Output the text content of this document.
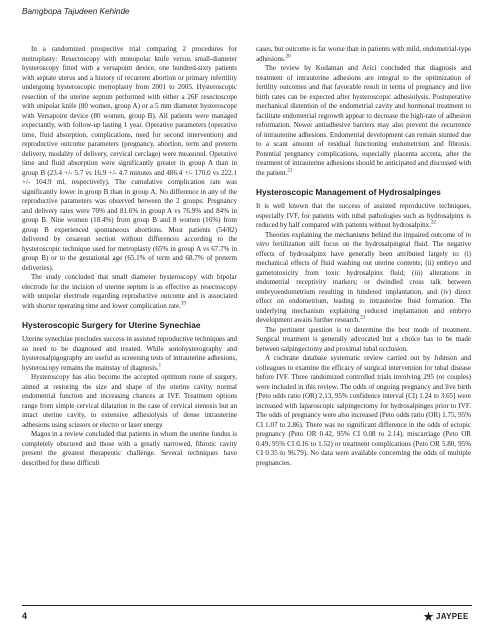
Bamgbopa Tajudeen Kehinde

In a randomized prospective trial comparing 2 procedures for metroplasty: Resectoscopy with monopolar knife versus small-diameter hysteroscopy fitted with a versapoint device, one hundred-sixty patients with septate uterus and a history of recurrent abortion or primary infertility undergoing hysteroscopic metroplasty from 2001 to 2005. Hysteroscopic resection of the uterine septum performed with either a 26F resectoscope with unipolar knife (80 women, group A) or a 5 mm diameter hysteroscope with Versapoint device (80 women, group B). All patients were managed expectantly, with follow-up lasting 1 year. Operative parameters (operative time, fluid absorption, complications, need for second intervention) and reproductive outcome parameters (pregnancy, abortion, term and preterm delivery, modality of delivery, cervical cerclage) were measured. Operative time and fluid absorption were significantly greater in group A than in group B (23.4 +/- 5.7 vs 16.9 +/- 4.7 minutes and 486.4 +/- 170.0 vs 222.1 +/- 104.9 ml, respectively). The cumulative complication rate was significantly lower in group B than in group A. No difference in any of the reproductive parameters was observed between the 2 groups: Pregnancy and delivery rates were 70% and 81.6% in group A vs 76.9% and 84% in group B. Nine women (18.4%) from group B and 8 women (16%) from group B experienced spontaneous abortions. Most patients (54/82) delivered by cesarean section without differences according to the hysteroscopic technique used for metroplasty (65% in group A vs 67.7% in group B) or to the gestational age (65.1% of term and 68.7% of preterm deliveries).

The study concluded that small diameter hysteroscopy with bipolar electrode for the incision of uterine septum is as effective as resectoscopy with unipolar electrode regarding reproductive outcome and is associated with shorter operating time and lower complication rate.$^{19}$

Hysteroscopic Surgery for Uterine Synechiae

Uterine synechiae precludes success in assisted reproductive techniques and so need to be diagnosed and treated. While sonohysterography and hysterosalpigography are useful as screening tests of intrauterine adhesions, hysteroscopy remains the mainstay of diagnosis.$^1$

Hysteroscopy has also become the accepted optimum route of surgery, aimed at restoring the size and shape of the uterine cavity, normal endometrial function and increasing chances at IVF. Treatment options range from simple cervical dilatation in the case of cervical stenosis but an intact uterine cavity, to extensive adhesiolysis of dense intrauterine adhesions using scissors or electro or laser energy.

Magos in a review concluded that patients in whom the uterine fundus is completely obscured and those with a greatly narrowed, fibrotic cavity present the greatest therapeutic challenge. Several techniques have described for these difficult

cases, but outcome is far worse than in patients with mild, endometrial-type adhesions.$^{20}$

The review by Kodaman and Arici concluded that diagnosis and treatment of intrauterine adhesions are integral to the optimization of fertility outcomes and that favorable result in terms of pregnancy and live birth rates can be expected after hysteroscopic adhesiolysis. Postoperative mechanical distention of the endometrial cavity and hormonal treatment to facilitate endometrial regrowth appear to decrease the high-rate of adhesion reformation. Newer antiadhesive barriers may also prevent the recurrence of intrauterine adhesions. Endometrial development can remain stunted due to a scant amount of residual functioning endometrium and fibrosis. Potential pregnancy complications, especially placenta accreta, after the treatment of intrauterine adhesions should be anticipated and discussed with the patient.$^{21}$

Hysteroscopic Management of Hydrosalpinges

It is well known that the success of assisted reproductive techniques, especially IVF, for patients with tubal pathologies such as hydrosalpinx is reduced by half compared with patients without hydrosalpinx.$^{22}$

Theories explaining the mechanisms behind the impaired outcome of in vitro fertilization still focus on the hydrosalpingeal fluid. The negative effects of hydrosalpinx have generally been attributed largely to: (i) mechanical effects of fluid washing out uterine contents; (ii) embryo and gametotoxicity from toxic hydrosalpinx fluid; (iii) alterations in endometrial receptivity markers; or dwindled cross talk between embryoendometrium resulting in hindered implantation, and (iv) direct effect on endometrium, leading to intrauterine fluid formation. The underlying mechanism explaining reduced implantation and embryo development awaits further research.$^{23}$

The pertinent question is to determine the best mode of treatment. Surgical treatment is generally advocated but a choice has to be made between salpingectomy and proximal tubal occlusion.

A cochrane database systematic review carried out by Johnson and colleagues to examine the efficacy of surgical intervention for tubal disease before IVF. Three randomized controlled trials involving 295 (or couples) were included in this review. The odds of ongoing pregnancy and live birth [Peto odds ratio (OR) 2.13, 95% confidence interval (CI) 1.24 to 3.65] were increased with laparoscopic salpingectomy for hydrosalpinges prior to IVF. The odds of pregnancy were also increased (Peto odds ratio (OR) 1.75, 95% CI 1.07 to 2.86). There was no significant difference in the odds of ectopic pregnancy (Peto OR 0.42, 95% CI 0.08 to 2.14), miscarriage (Peto OR 0.49, 95% CI 0.16 to 1.52) or treatment complications (Peto OR 5.80, 95% CI 0.35 to 96.79). No data were available concerning the odds of multiple pregnancies.

4	JAYPEE
